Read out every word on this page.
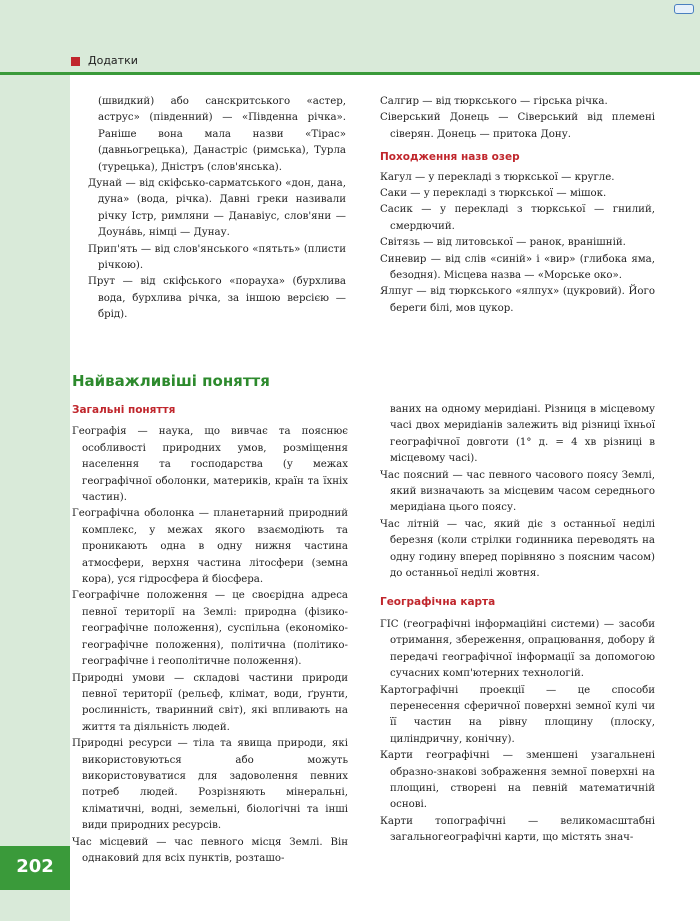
Додатки
202

(швидкий) або санскритського «астер, аструс» (південний) — «Південна річка». Раніше вона мала назви «Тірас» (давньогрецька), Данастріс (римська), Турла (турецька), Дністръ (слов'янська).

Дунай — від скіфсько-сарматського «дон, дана, дуна» (вода, річка). Давні греки називали річку Істр, римляни — Данавіус, слов'яни — Доуна́вь, німці — Дунау.

Прип'ять — від слов'янського «пятьть» (плисти річкою).

Прут — від скіфського «порауха» (бурхлива вода, бурхлива річка, за іншою версією — брід).

Салгир — від тюркського — гірська річка.

Сіверський Донець — Сіверський від племені сіверян. Донець — притока Дону.

Походження назв озер

Кагул — у перекладі з тюркської — круглe.

Саки — у перекладі з тюркської — мішок.

Сасик — у перекладі з тюркської — гнилий, смердючий.

Світязь — від литовської — ранок, вранішній.

Синевир — від слів «синій» і «вир» (глибока яма, безодня). Місцева назва — «Морське око».

Ялпуг — від тюркського «ялпух» (цукровий). Його береги білі, мов цукор.

Найважливіші поняття

Загальні поняття

Географія — наука, що вивчає та пояснює особливості природних умов, розміщення населення та господарства (у межах географічної оболонки, материків, країн та їхніх частин).

Географічна оболонка — планетарний природний комплекс, у межах якого взаємодіють та проникають одна в одну нижня частина атмосфери, верхня частина літосфери (земна кора), уся гідросфера й біосфера.

Географічне положення — це своєрідна адреса певної території на Землі: природна (фізико-географічне положення), суспільна (економіко-географічне положення), політична (політико-географічне і геополітичне положення).

Природні умови — складові частини природи певної території (рельєф, клімат, води, ґрунти, рослинність, тваринний світ), які впливають на життя та діяльність людей.

Природні ресурси — тіла та явища природи, які використовуються або можуть використовуватися для задоволення певних потреб людей. Розрізняють мінеральні, кліматичні, водні, земельні, біологічні та інші види природних ресурсів.

Час місцевий — час певного місця Землі. Він однаковий для всіх пунктів, розташо-

ваних на одному меридіані. Різниця в місцевому часі двох меридіанів залежить від різниці їхньої географічної довготи (1° д. = 4 хв різниці в місцевому часі).

Час поясний — час певного часового поясу Землі, який визначають за місцевим часом середнього меридіана цього поясу.

Час літній — час, який діє з останньої неділі березня (коли стрілки годинника переводять на одну годину вперед порівняно з поясним часом) до останньої неділі жовтня.

Географічна карта

ГІС (географічні інформаційні системи) — засоби отримання, збереження, опрацювання, добору й передачі географічної інформації за допомогою сучасних комп'ютерних технологій.

Картографічні проекції — це способи перенесення сферичної поверхні земної кулі чи її частин на рівну площину (плоску, циліндричну, конічну).

Карти географічні — зменшені узагальнені образно-знакові зображення земної поверхні на площині, створені на певній математичній основі.

Карти топографічні — великомасштабні загальногеографічні карти, що містять знач-
